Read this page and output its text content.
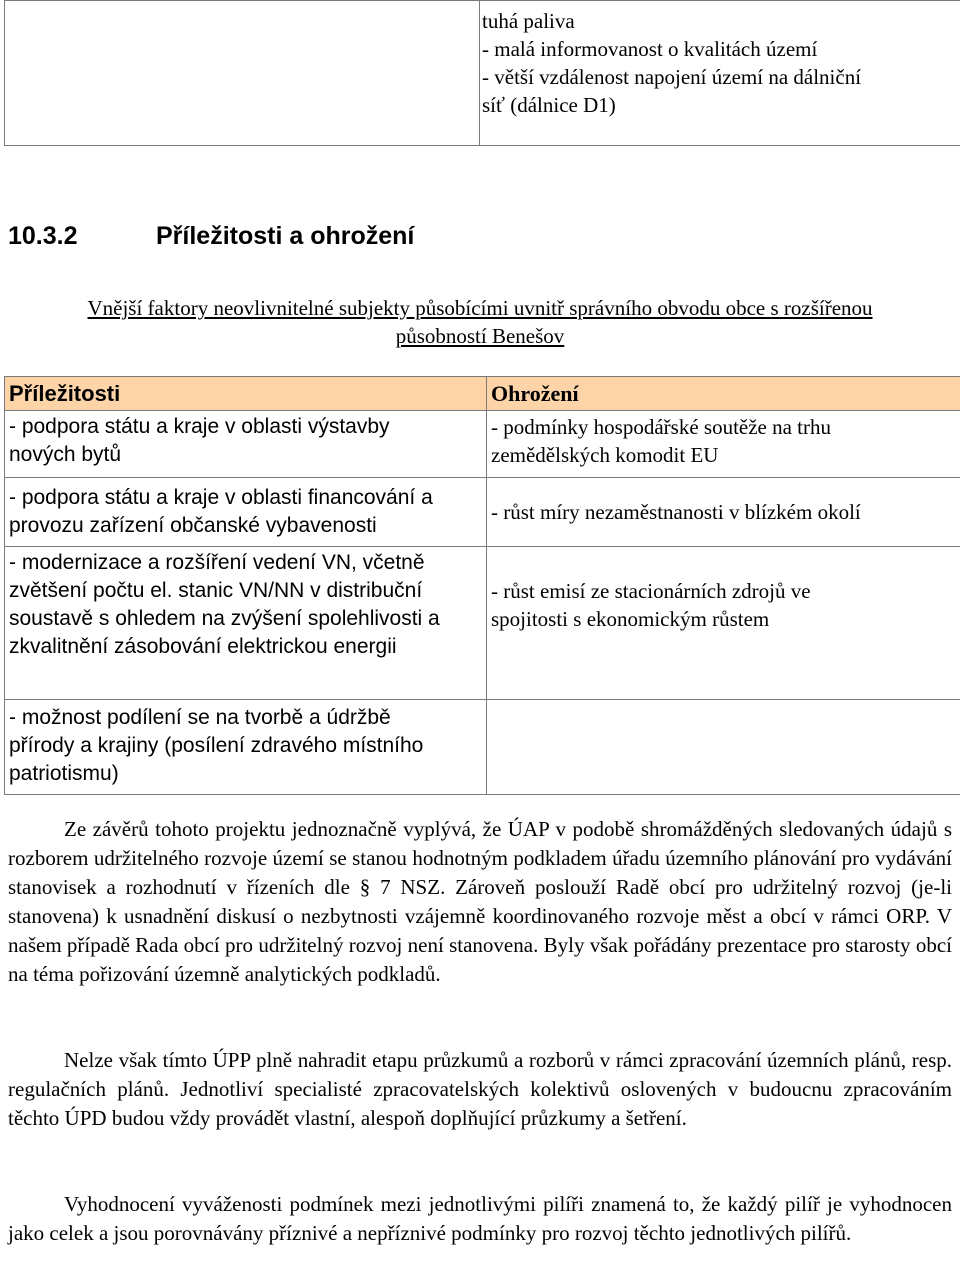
tuhá paliva
- malá informovanost o kvalitách území
- větší vzdálenost napojení území na dálniční
síť (dálnice D1)
10.3.2	Příležitosti a ohrožení
Vnější faktory neovlivnitelné subjekty působícími uvnitř správního obvodu obce s rozšířenou
působností Benešov
Příležitosti	Ohrožení

- podpora státu a kraje v oblasti výstavby
nových bytů	- podmínky hospodářské soutěže na trhu
zemědělských komodit EU

- podpora státu a kraje v oblasti financování a
provozu zařízení občanské vybavenosti	- růst míry nezaměstnanosti v blízkém okolí

- modernizace a rozšíření vedení VN, včetně
zvětšení počtu el. stanic VN/NN v distribuční
soustavě s ohledem na zvýšení spolehlivosti a
zkvalitnění zásobování elektrickou energii	- růst emisí ze stacionárních zdrojů ve
spojitosti s ekonomickým růstem

- možnost podílení se na tvorbě a údržbě
přírody a krajiny (posílení zdravého místního
patriotismu)	

Ze závěrů tohoto projektu jednoznačně vyplývá, že ÚAP v podobě shromážděných sledovaných údajů s rozborem udržitelného rozvoje území se stanou hodnotným podkladem úřadu územního plánování pro vydávání stanovisek a rozhodnutí v řízeních dle § 7 NSZ. Zároveň poslouží Radě obcí pro udržitelný rozvoj (je-li stanovena) k usnadnění diskusí o nezbytnosti vzájemně koordinovaného rozvoje měst a obcí v rámci ORP. V našem případě Rada obcí pro udržitelný rozvoj není stanovena. Byly však pořádány prezentace pro starosty obcí na téma pořizování územně analytických podkladů.

Nelze však tímto ÚPP plně nahradit etapu průzkumů a rozborů v rámci zpracování územních plánů, resp. regulačních plánů. Jednotliví specialisté zpracovatelských kolektivů oslovených v budoucnu zpracováním těchto ÚPD budou vždy provádět vlastní, alespoň doplňující průzkumy a šetření.

Vyhodnocení vyváženosti podmínek mezi jednotlivými pilíři znamená to, že každý pilíř je vyhodnocen jako celek a jsou porovnávány příznivé a nepříznivé podmínky pro rozvoj těchto jednotlivých pilířů.
